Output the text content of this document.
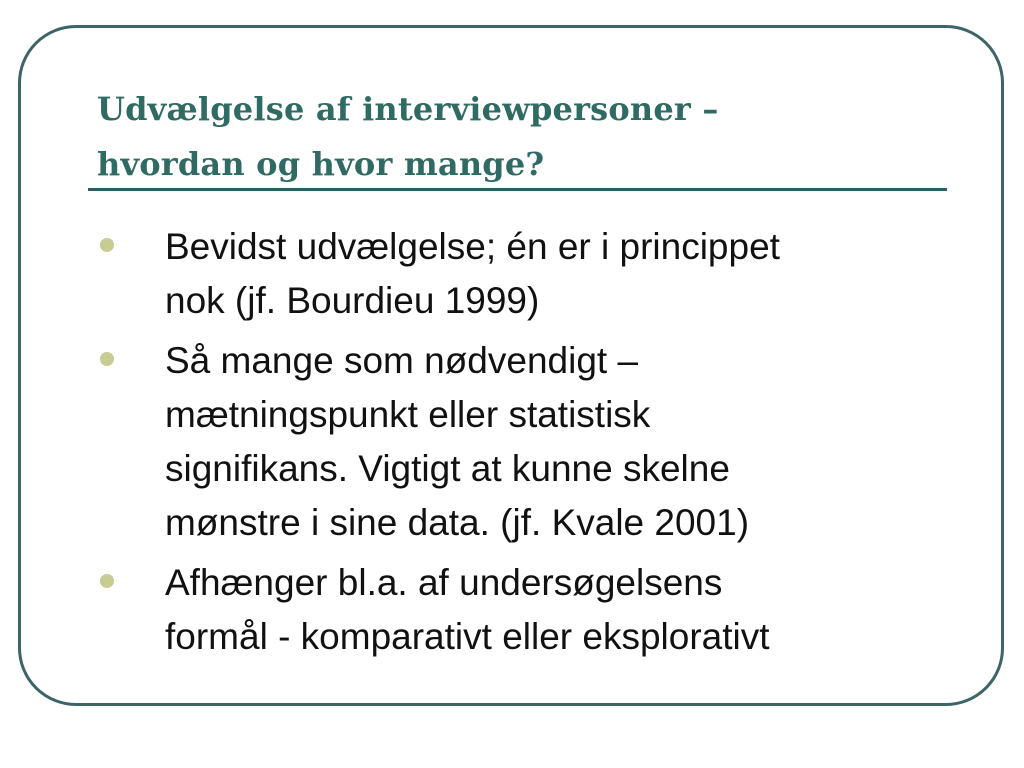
Udvælgelse af interviewpersoner –
hvordan og hvor mange?
Bevidst udvælgelse; én er i princippet
nok (jf. Bourdieu 1999)
Så mange som nødvendigt –
mætningspunkt eller statistisk
signifikans. Vigtigt at kunne skelne
mønstre i sine data. (jf. Kvale 2001)
Afhænger bl.a. af undersøgelsens
formål - komparativt eller eksplorativt
